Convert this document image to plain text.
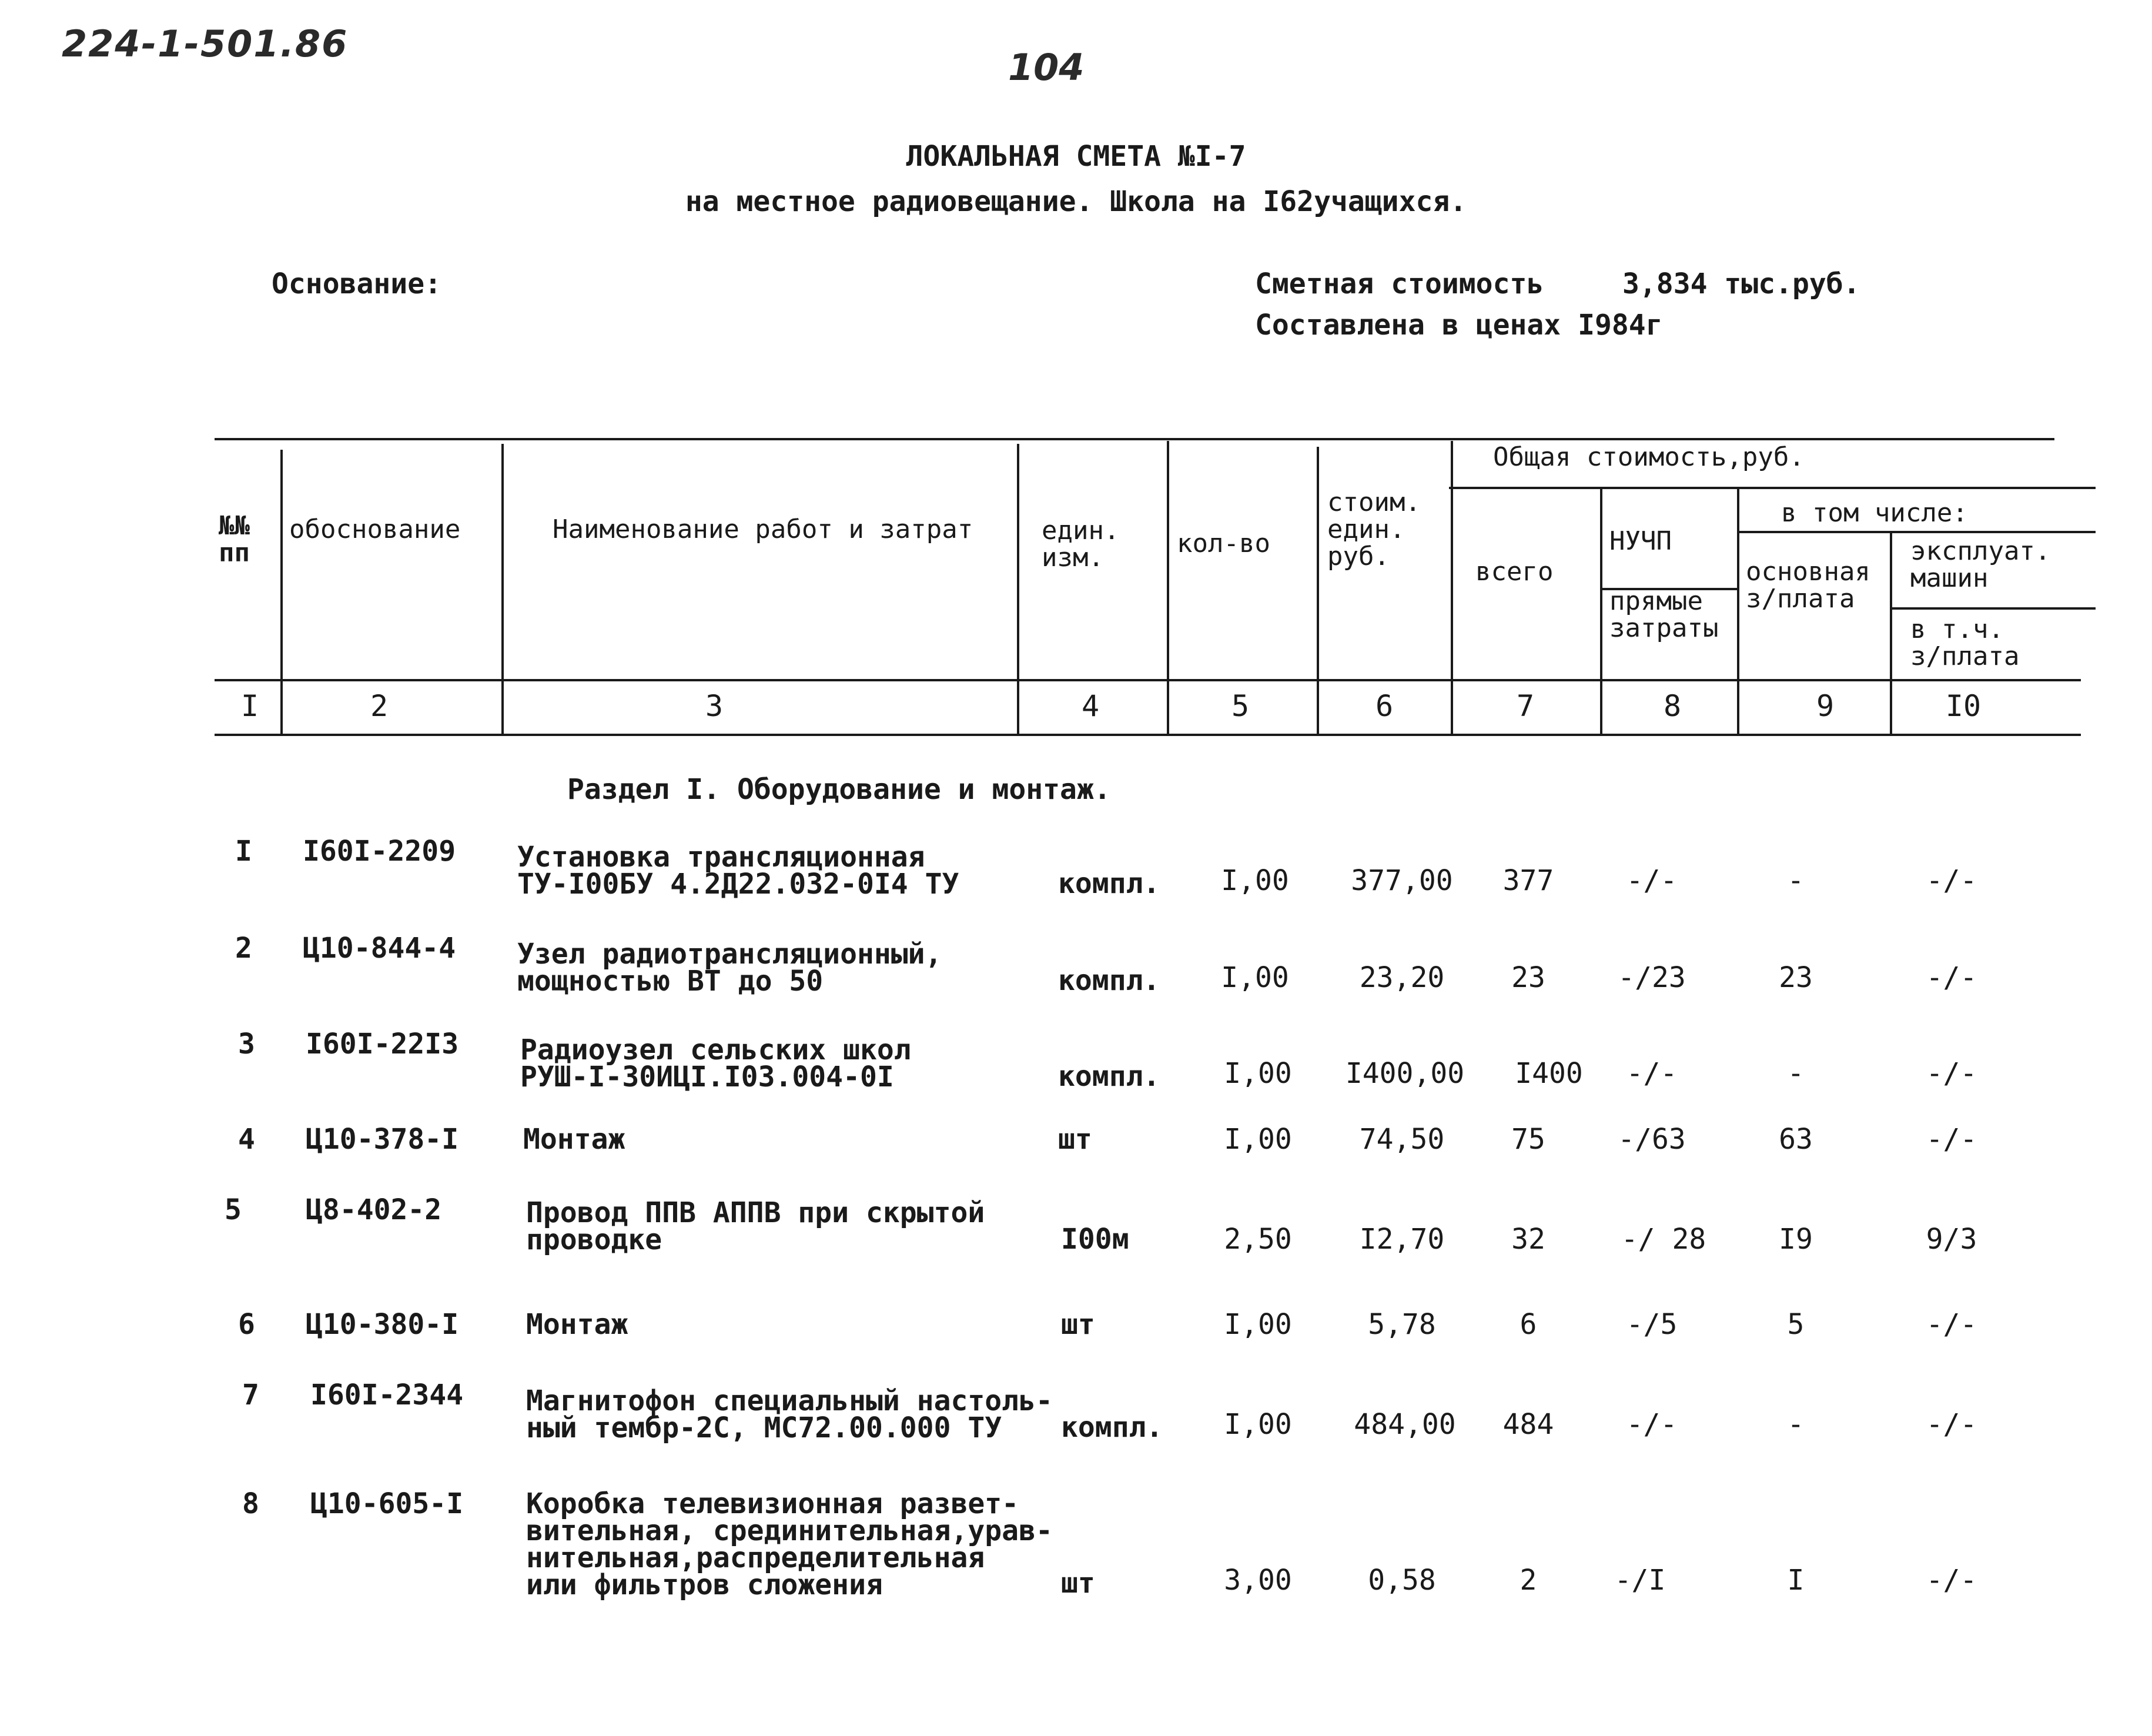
224-1-501.86
104
ЛОКАЛЬНАЯ СМЕТА №I-7
на местное радиовещание. Школа на I62учащихся.
Основание:	Сметная стоимость	3,834 тыс.руб.
Составлена в ценах I984г
№№
пп
обоснование	Наименование работ и затрат	един.
изм.	кол-во
стоим.
един.
руб.
Общая стоимость,руб.
всего
НУЧП
прямые
затраты
в том числе:
основная
з/плата
эксплуат.
машин
в т.ч.
з/плата
I	2	3	4	5	6	7	8	9	I0
Раздел I. Оборудование и монтаж.
I I60I-2209 Установка трансляционная
ТУ-I00БУ 4.2Д22.032-0I4 ТУ	компл.	I,00	377,00	377	-/-	-	-/-
2 Ц10-844-4 Узел радиотрансляционный,
мощностью ВТ до 50	компл.	I,00	23,20	23	-/23	23	-/-
3 I60I-22I3 Радиоузел сельских школ
РУШ-I-30ИЦI.I03.004-0I	компл.	I,00	I400,00	I400	-/-	-	-/-
4 Ц10-378-I Монтаж	шт	I,00	74,50	75	-/63	63	-/-
5 Ц8-402-2	Провод ППВ АППВ при скрытой
проводке	I00м	2,50	I2,70	32	-/ 28	I9	9/3
6 Ц10-380-I Монтаж	шт	I,00	5,78	6	-/5	5	-/-
7 I60I-2344 Магнитофон специальный настоль-
ный тембр-2С, МС72.00.000 ТУ	компл.	I,00	484,00	484	-/-	-	-/-
8 Ц10-605-I Коробка телевизионная развет-
вительная, срединительная,урав-
нительная,распределительная
или фильтров сложения	шт	3,00	0,58	2	-/I	I	-/-
